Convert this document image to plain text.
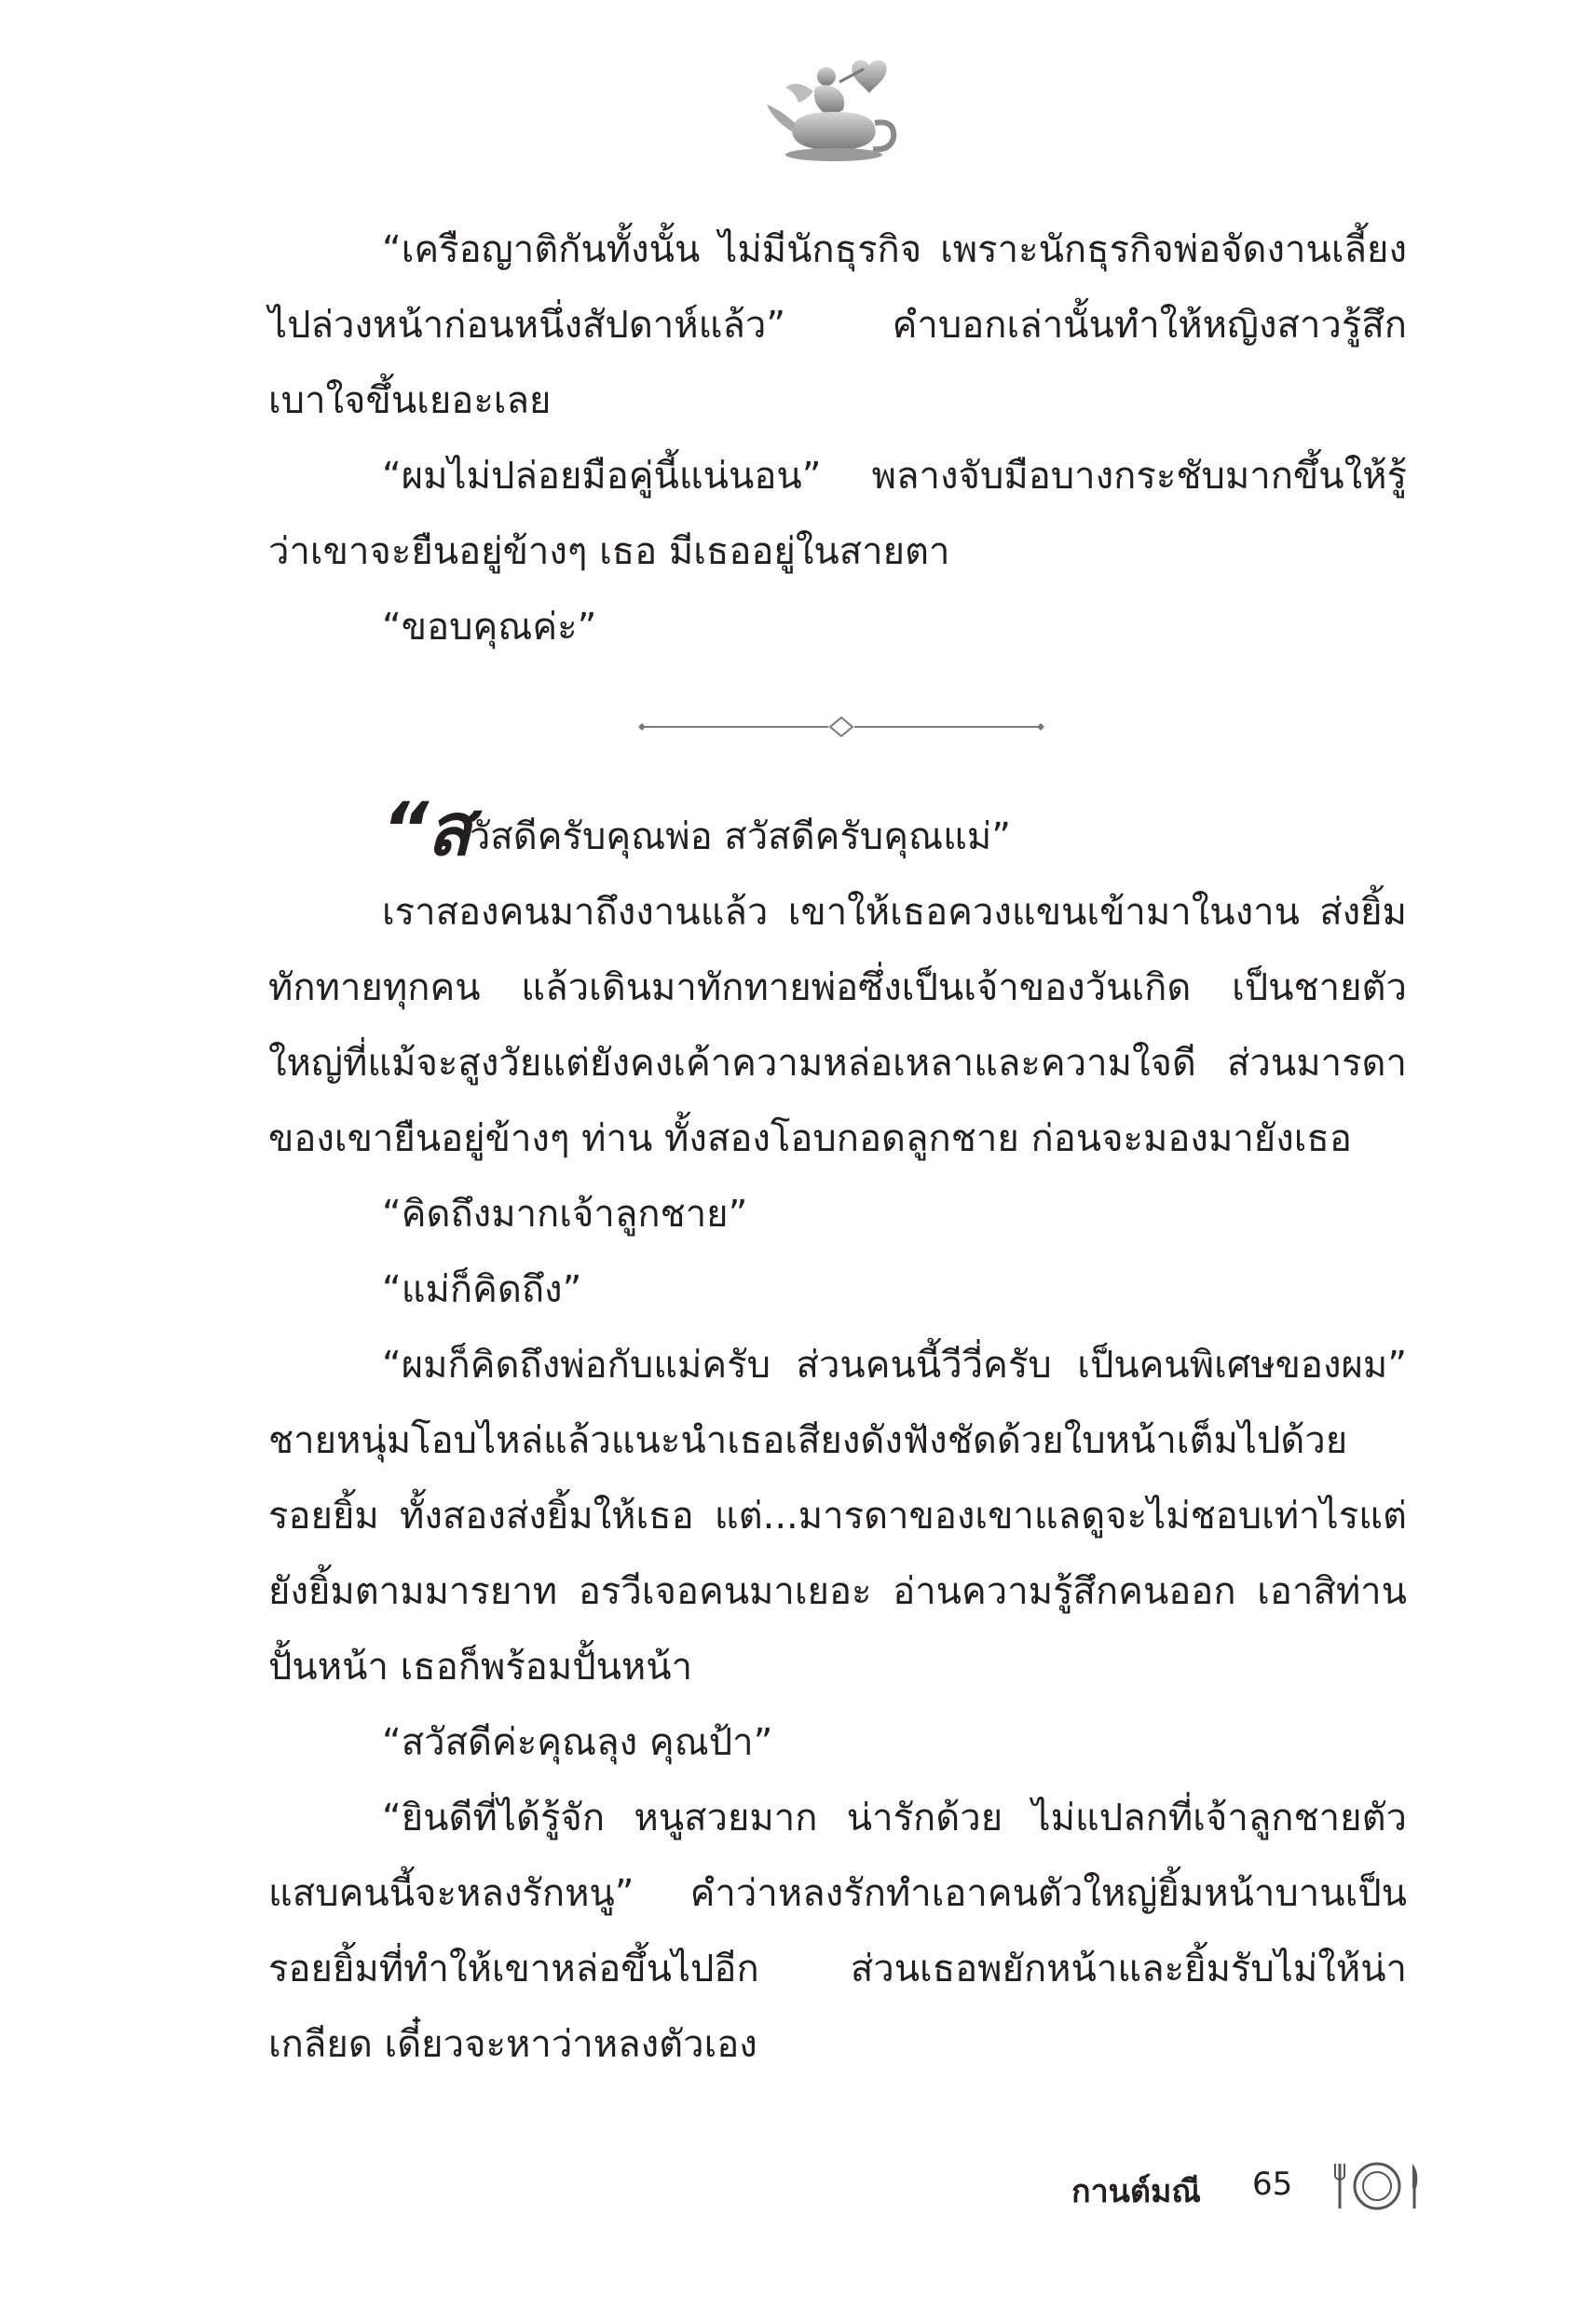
“เครือญาติกันทั้งนั้น ไม่มีนักธุรกิจ เพราะนักธุรกิจพ่อจัดงานเลี้ยงไปล่วงหน้าก่อนหนึ่งสัปดาห์แล้ว” คำบอกเล่านั้นทำให้หญิงสาวรู้สึกเบาใจขึ้นเยอะเลย

“ผมไม่ปล่อยมือคู่นี้แน่นอน” พลางจับมือบางกระชับมากขึ้นให้รู้ว่าเขาจะยืนอยู่ข้างๆ เธอ มีเธออยู่ในสายตา

“ขอบคุณค่ะ”

“สวัสดีครับคุณพ่อ สวัสดีครับคุณแม่”

เราสองคนมาถึงงานแล้ว เขาให้เธอควงแขนเข้ามาในงาน ส่งยิ้มทักทายทุกคน แล้วเดินมาทักทายพ่อซึ่งเป็นเจ้าของวันเกิด เป็นชายตัวใหญ่ที่แม้จะสูงวัยแต่ยังคงเค้าความหล่อเหลาและความใจดี ส่วนมารดาของเขายืนอยู่ข้างๆ ท่าน ทั้งสองโอบกอดลูกชาย ก่อนจะมองมายังเธอ

“คิดถึงมากเจ้าลูกชาย”

“แม่ก็คิดถึง”

“ผมก็คิดถึงพ่อกับแม่ครับ ส่วนคนนี้วีวี่ครับ เป็นคนพิเศษของผม” ชายหนุ่มโอบไหล่แล้วแนะนำเธอเสียงดังฟังชัดด้วยใบหน้าเต็มไปด้วยรอยยิ้ม ทั้งสองส่งยิ้มให้เธอ แต่...มารดาของเขาแลดูจะไม่ชอบเท่าไรแต่ยังยิ้มตามมารยาท อรวีเจอคนมาเยอะ อ่านความรู้สึกคนออก เอาสิท่านปั้นหน้า เธอก็พร้อมปั้นหน้า

“สวัสดีค่ะคุณลุง คุณป้า”

“ยินดีที่ได้รู้จัก หนูสวยมาก น่ารักด้วย ไม่แปลกที่เจ้าลูกชายตัวแสบคนนี้จะหลงรักหนู” คำว่าหลงรักทำเอาคนตัวใหญ่ยิ้มหน้าบานเป็นรอยยิ้มที่ทำให้เขาหล่อขึ้นไปอีก ส่วนเธอพยักหน้าและยิ้มรับไม่ให้น่าเกลียด เดี๋ยวจะหาว่าหลงตัวเอง

กานต์มณี 65
